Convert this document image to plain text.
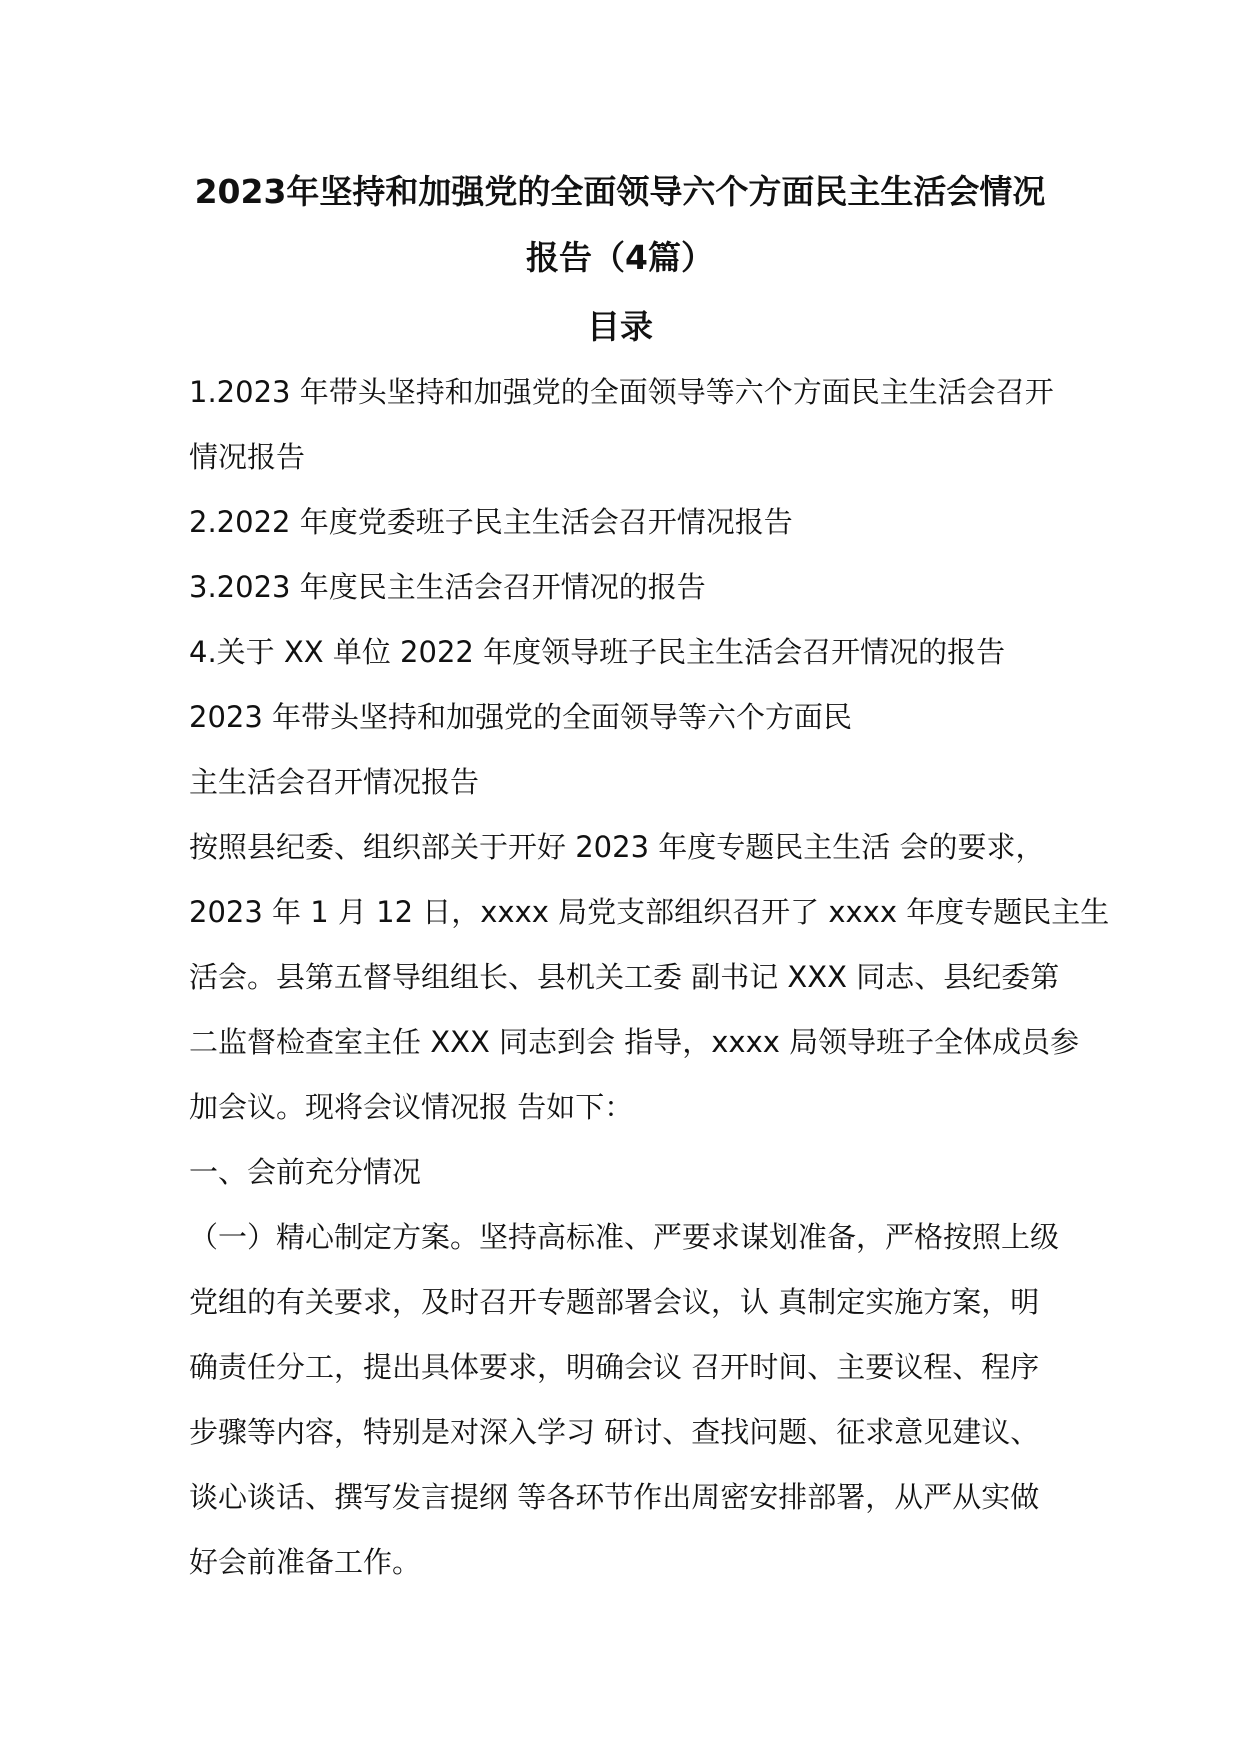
2023年坚持和加强党的全面领导六个方面民主生活会情况
报告（4篇）
目录
1.2023 年带头坚持和加强党的全面领导等六个方面民主生活会召开
情况报告
2.2022 年度党委班子民主生活会召开情况报告
3.2023 年度民主生活会召开情况的报告
4.关于 XX 单位 2022 年度领导班子民主生活会召开情况的报告
2023 年带头坚持和加强党的全面领导等六个方面民
主生活会召开情况报告
按照县纪委、组织部关于开好 2023 年度专题民主生活 会的要求，
2023 年 1 月 12 日，xxxx 局党支部组织召开了 xxxx 年度专题民主生
活会。县第五督导组组长、县机关工委 副书记 XXX 同志、县纪委第
二监督检查室主任 XXX 同志到会 指导，xxxx 局领导班子全体成员参
加会议。现将会议情况报 告如下：
一、会前充分情况
（一）精心制定方案。坚持高标准、严要求谋划准备，严格按照上级
党组的有关要求，及时召开专题部署会议，认 真制定实施方案，明
确责任分工，提出具体要求，明确会议 召开时间、主要议程、程序
步骤等内容，特别是对深入学习 研讨、查找问题、征求意见建议、
谈心谈话、撰写发言提纲 等各环节作出周密安排部署，从严从实做
好会前准备工作。
